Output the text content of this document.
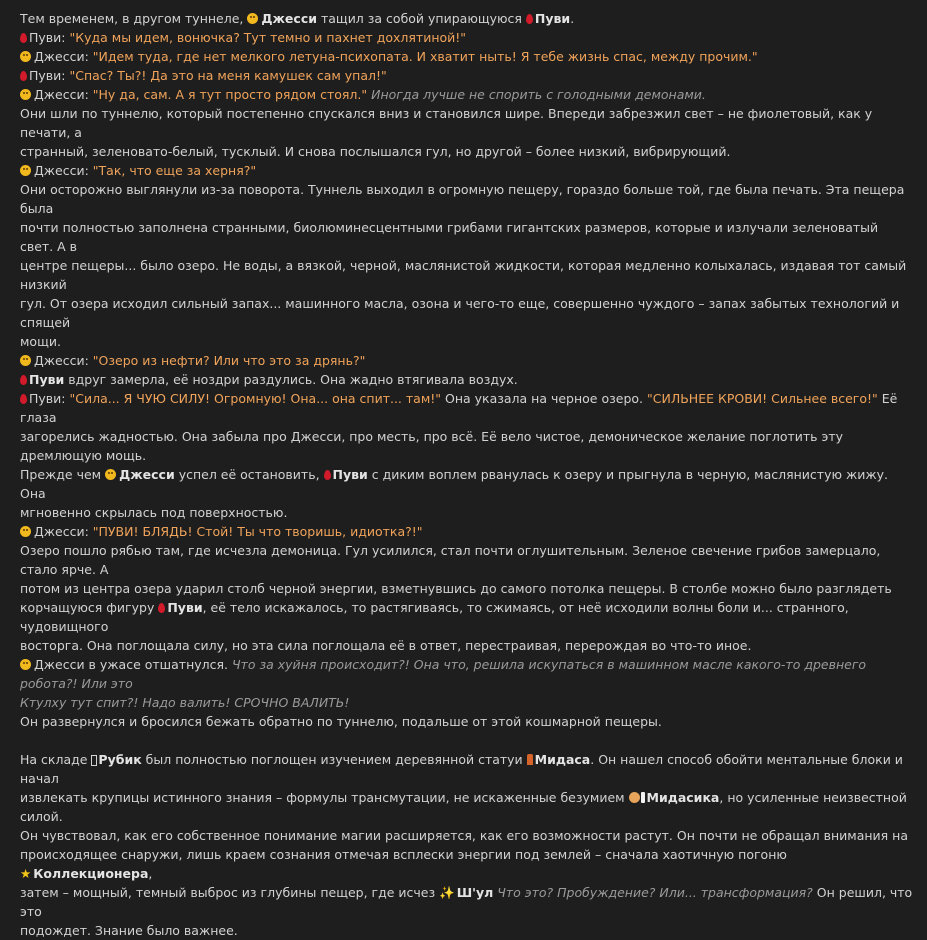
Тем временем, в другом туннеле, Джесси тащил за собой упирающуюся Пуви.

Пуви: "Куда мы идем, вонючка? Тут темно и пахнет дохлятиной!"

Джесси: "Идем туда, где нет мелкого летуна-психопата. И хватит ныть! Я тебе жизнь спас, между прочим."

Пуви: "Спас? Ты?! Да это на меня камушек сам упал!"

Джесси: "Ну да, сам. А я тут просто рядом стоял." Иногда лучше не спорить с голодными демонами.

Они шли по туннелю, который постепенно спускался вниз и становился шире. Впереди забрезжил свет – не фиолетовый, как у печати, а

странный, зеленовато-белый, тусклый. И снова послышался гул, но другой – более низкий, вибрирующий.

Джесси: "Так, что еще за херня?"

Они осторожно выглянули из-за поворота. Туннель выходил в огромную пещеру, гораздо больше той, где была печать. Эта пещера была

почти полностью заполнена странными, биолюминесцентными грибами гигантских размеров, которые и излучали зеленоватый свет. А в

центре пещеры... было озеро. Не воды, а вязкой, черной, маслянистой жидкости, которая медленно колыхалась, издавая тот самый низкий

гул. От озера исходил сильный запах... машинного масла, озона и чего-то еще, совершенно чуждого – запах забытых технологий и спящей

мощи.

Джесси: "Озеро из нефти? Или что это за дрянь?"

Пуви вдруг замерла, её ноздри раздулись. Она жадно втягивала воздух.

Пуви: "Сила... Я ЧУЮ СИЛУ! Огромную! Она... она спит... там!" Она указала на черное озеро. "СИЛЬНЕЕ КРОВИ! Сильнее всего!" Её глаза

загорелись жадностью. Она забыла про Джесси, про месть, про всё. Её вело чистое, демоническое желание поглотить эту дремлющую мощь.

Прежде чем Джесси успел её остановить, Пуви с диким воплем рванулась к озеру и прыгнула в черную, маслянистую жижу. Она

мгновенно скрылась под поверхностью.

Джесси: "ПУВИ! БЛЯДЬ! Стой! Ты что творишь, идиотка?!"

Озеро пошло рябью там, где исчезла демоница. Гул усилился, стал почти оглушительным. Зеленое свечение грибов замерцало, стало ярче. А

потом из центра озера ударил столб черной энергии, взметнувшись до самого потолка пещеры. В столбе можно было разглядеть

корчащуюся фигуру Пуви, её тело искажалось, то растягиваясь, то сжимаясь, от неё исходили волны боли и... странного, чудовищного

восторга. Она поглощала силу, но эта сила поглощала её в ответ, перестраивая, перерождая во что-то иное.

Джесси в ужасе отшатнулся. Что за хуйня происходит?! Она что, решила искупаться в машинном масле какого-то древнего робота?! Или это

Ктулху тут спит?! Надо валить! СРОЧНО ВАЛИТЬ!

Он развернулся и бросился бежать обратно по туннелю, подальше от этой кошмарной пещеры.

На складе Рубик был полностью поглощен изучением деревянной статуи Мидаса. Он нашел способ обойти ментальные блоки и начал

извлекать крупицы истинного знания – формулы трансмутации, не искаженные безумием Мидасика, но усиленные неизвестной силой.

Он чувствовал, как его собственное понимание магии расширяется, как его возможности растут. Он почти не обращал внимания на

происходящее снаружи, лишь краем сознания отмечая всплески энергии под землей – сначала хаотичную погоню ★ Коллекционера,

затем – мощный, темный выброс из глубины пещер, где исчез ✨ Ш'ул Что это? Пробуждение? Или... трансформация? Он решил, что это

подождет. Знание было важнее.
